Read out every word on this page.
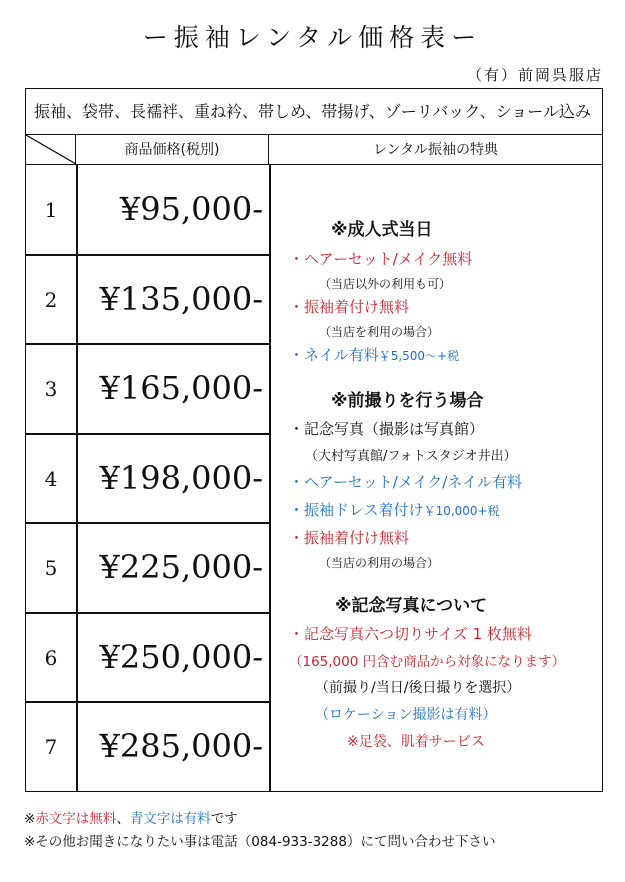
ー振袖レンタル価格表ー
（有）前岡呉服店
振袖、袋帯、長襦袢、重ね衿、帯しめ、帯揚げ、ゾーリバック、ショール込み
商品価格(税別)	レンタル振袖の特典
1	¥95,000-
2	¥135,000-
3	¥165,000-
4	¥198,000-
5	¥225,000-
6	¥250,000-
7	¥285,000-
※成人式当日
・ヘアーセット/メイク無料
（当店以外の利用も可）
・振袖着付け無料
（当店を利用の場合）
・ネイル有料￥5,500～+税
※前撮りを行う場合
・記念写真（撮影は写真館）
（大村写真館/フォトスタジオ井出）
・ヘアーセット/メイク/ネイル有料
・振袖ドレス着付け￥10,000+税
・振袖着付け無料
（当店の利用の場合）
※記念写真について
・記念写真六つ切りサイズ 1 枚無料
（165,000 円含む商品から対象になります）
（前撮り/当日/後日撮りを選択）
（ロケーション撮影は有料）
※足袋、肌着サービス
※赤文字は無料、青文字は有料です
※その他お聞きになりたい事は電話（084-933-3288）にて問い合わせ下さい
